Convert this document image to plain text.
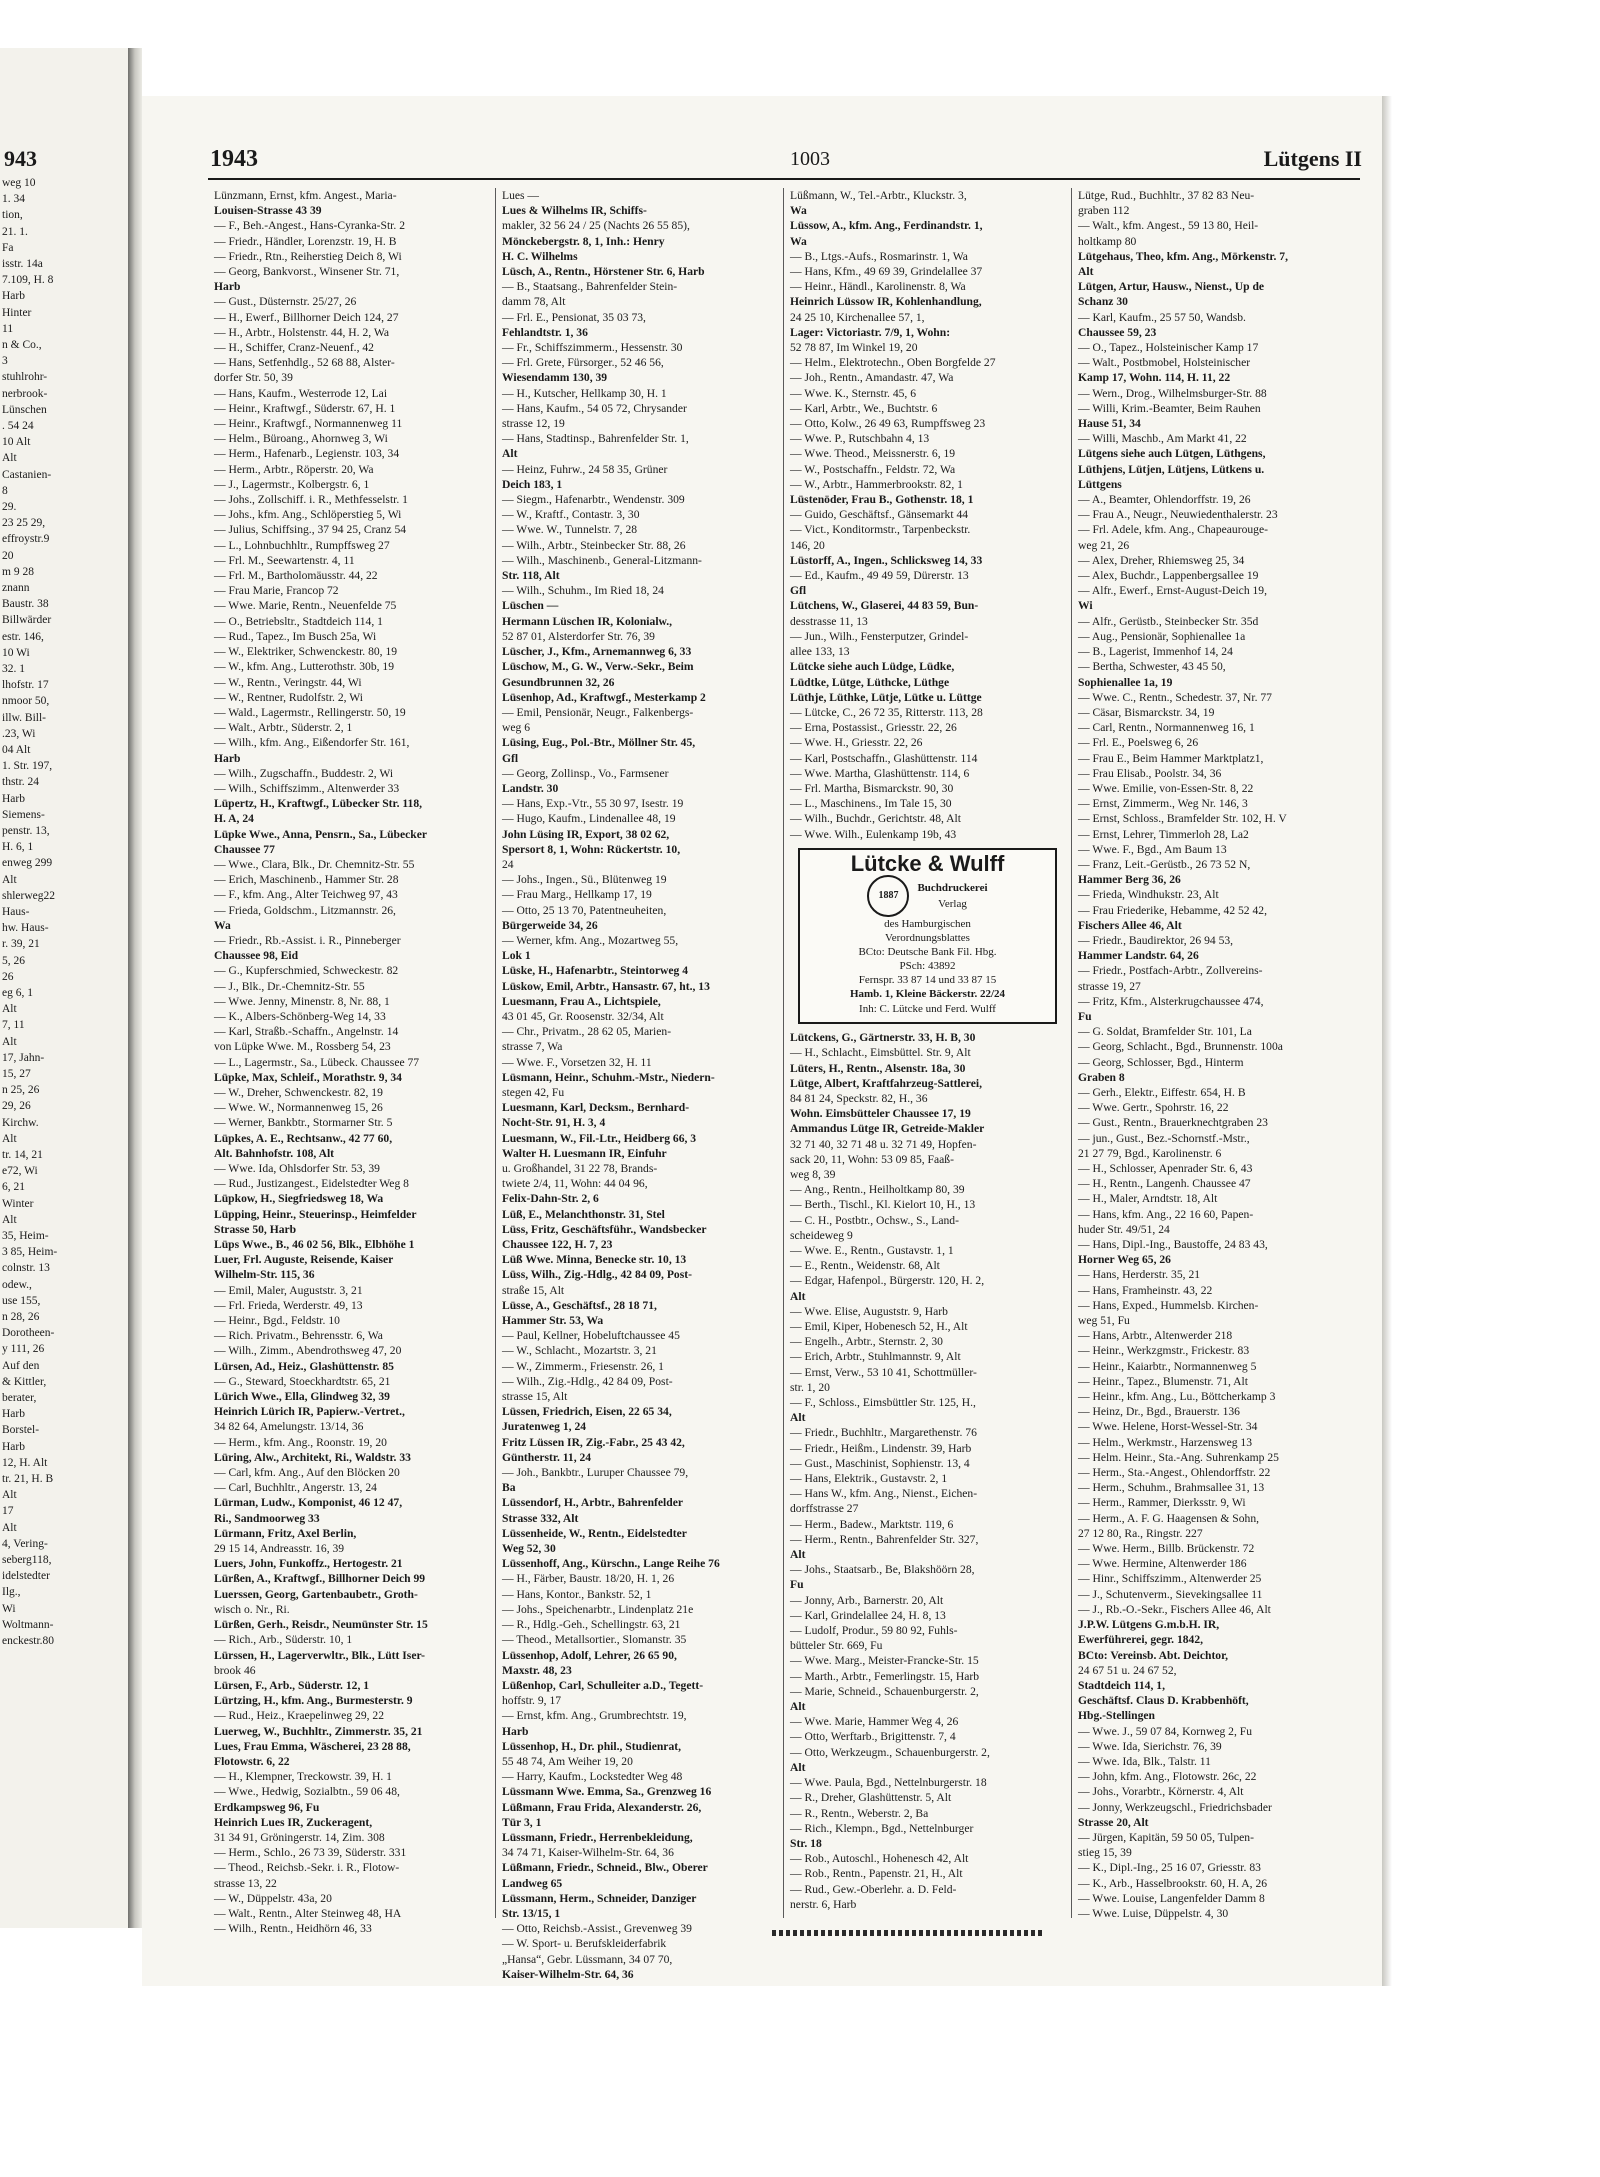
943
weg 10
1. 34
tion,
21. 1.
Fa
isstr. 14a
7.109, H. 8
Harb
Hinter
11
n & Co.,
3
stuhlrohr-
nerbrook-
Lünschen
. 54 24
10 Alt
Alt
Castanien-
8
29.
23 25 29,
effroystr.9
20
m 9 28
znann
Baustr. 38
Billwärder
estr. 146,
10 Wi
32. 1
lhofstr. 17
nmoor 50,
illw. Bill-
.23, Wi
04 Alt
1. Str. 197,
thstr. 24
Harb
Siemens-
penstr. 13,
H. 6, 1
enweg 299
Alt
shlerweg22
Haus-
hw. Haus-
r. 39, 21
5, 26
26
eg 6, 1
Alt
7, 11
Alt
17, Jahn-
15, 27
n 25, 26
29, 26
Kirchw.
Alt
tr. 14, 21
e72, Wi
6, 21
Winter
Alt
35, Heim-
3 85, Heim-
colnstr. 13
odew.,
use 155,
n 28, 26
Dorotheen-
y 111, 26
Auf den
& Kittler,
berater,
Harb
Borstel-
Harb
12, H. Alt
tr. 21, H. B
Alt
17
Alt
4, Vering-
seberg118,
idelstedter
Ilg.,
Wi
Woltmann-
enckestr.80
1943	1003	Lütgens II
Lünzmann, Ernst, kfm. Angest., Maria-
Louisen-Strasse 43 39
— F., Beh.-Angest., Hans-Cyranka-Str. 2
— Friedr., Händler, Lorenzstr. 19, H. B
— Friedr., Rtn., Reiherstieg Deich 8, Wi
— Georg, Bankvorst., Winsener Str. 71,
Harb
— Gust., Düsternstr. 25/27, 26
— H., Ewerf., Billhorner Deich 124, 27
— H., Arbtr., Holstenstr. 44, H. 2, Wa
— H., Schiffer, Cranz-Neuenf., 42
— Hans, Setfenhdlg., 52 68 88, Alster-
dorfer Str. 50, 39
— Hans, Kaufm., Westerrode 12, Lai
— Heinr., Kraftwgf., Süderstr. 67, H. 1
— Heinr., Kraftwgf., Normannenweg 11
— Helm., Büroang., Ahornweg 3, Wi
— Herm., Hafenarb., Legienstr. 103, 34
— Herm., Arbtr., Röperstr. 20, Wa
— J., Lagermstr., Kolbergstr. 6, 1
— Johs., Zollschiff. i. R., Methfesselstr. 1
— Johs., kfm. Ang., Schlöperstieg 5, Wi
— Julius, Schiffsing., 37 94 25, Cranz 54
— L., Lohnbuchhltr., Rumpffsweg 27
— Frl. M., Seewartenstr. 4, 11
— Frl. M., Bartholomäusstr. 44, 22
— Frau Marie, Francop 72
— Wwe. Marie, Rentn., Neuenfelde 75
— O., Betriebsltr., Stadtdeich 114, 1
— Rud., Tapez., Im Busch 25a, Wi
— W., Elektriker, Schwenckestr. 80, 19
— W., kfm. Ang., Lutterothstr. 30b, 19
— W., Rentn., Veringstr. 44, Wi
— W., Rentner, Rudolfstr. 2, Wi
— Wald., Lagermstr., Rellingerstr. 50, 19
— Walt., Arbtr., Süderstr. 2, 1
— Wilh., kfm. Ang., Eißendorfer Str. 161,
Harb
— Wilh., Zugschaffn., Buddestr. 2, Wi
— Wilh., Schiffszimm., Altenwerder 33
Lüpertz, H., Kraftwgf., Lübecker Str. 118,
H. A, 24
Lüpke Wwe., Anna, Pensrn., Sa., Lübecker
Chaussee 77
— Wwe., Clara, Blk., Dr. Chemnitz-Str. 55
— Erich, Maschinenb., Hammer Str. 28
— F., kfm. Ang., Alter Teichweg 97, 43
— Frieda, Goldschm., Litzmannstr. 26,
Wa
— Friedr., Rb.-Assist. i. R., Pinneberger
Chaussee 98, Eid
— G., Kupferschmied, Schweckestr. 82
— J., Blk., Dr.-Chemnitz-Str. 55
— Wwe. Jenny, Minenstr. 8, Nr. 88, 1
— K., Albers-Schönberg-Weg 14, 33
— Karl, Straßb.-Schaffn., Angelnstr. 14
von Lüpke Wwe. M., Rossberg 54, 23
— L., Lagermstr., Sa., Lübeck. Chaussee 77
Lüpke, Max, Schleif., Morathstr. 9, 34
— W., Dreher, Schwenckestr. 82, 19
— Wwe. W., Normannenweg 15, 26
— Werner, Bankbtr., Stormarner Str. 5
Lüpkes, A. E., Rechtsanw., 42 77 60,
Alt. Bahnhofstr. 108, Alt
— Wwe. Ida, Ohlsdorfer Str. 53, 39
— Rud., Justizangest., Eidelstedter Weg 8
Lüpkow, H., Siegfriedsweg 18, Wa
Lüpping, Heinr., Steuerinsp., Heimfelder
Strasse 50, Harb
Lüps Wwe., B., 46 02 56, Blk., Elbhöhe 1
Luer, Frl. Auguste, Reisende, Kaiser
Wilhelm-Str. 115, 36
— Emil, Maler, Auguststr. 3, 21
— Frl. Frieda, Werderstr. 49, 13
— Heinr., Bgd., Feldstr. 10
— Rich. Privatm., Behrensstr. 6, Wa
— Wilh., Zimm., Abendrothsweg 47, 20
Lürsen, Ad., Heiz., Glashüttenstr. 85
— G., Steward, Stoeckhardtstr. 65, 21
Lürich Wwe., Ella, Glindweg 32, 39
Heinrich Lürich IR, Papierw.-Vertret.,
34 82 64, Amelungstr. 13/14, 36
— Herm., kfm. Ang., Roonstr. 19, 20
Lüring, Alw., Architekt, Ri., Waldstr. 33
— Carl, kfm. Ang., Auf den Blöcken 20
— Carl, Buchhltr., Angerstr. 13, 24
Lürman, Ludw., Komponist, 46 12 47,
Ri., Sandmoorweg 33
Lürmann, Fritz, Axel Berlin,
29 15 14, Andreasstr. 16, 39
Luers, John, Funkoffz., Hertogestr. 21
Lürßen, A., Kraftwgf., Billhorner Deich 99
Luerssen, Georg, Gartenbaubetr., Groth-
wisch o. Nr., Ri.
Lürßen, Gerh., Reisdr., Neumünster Str. 15
— Rich., Arb., Süderstr. 10, 1
Lürssen, H., Lagerverwltr., Blk., Lütt Iser-
brook 46
Lürsen, F., Arb., Süderstr. 12, 1
Lürtzing, H., kfm. Ang., Burmesterstr. 9
— Rud., Heiz., Kraepelinweg 29, 22
Luerweg, W., Buchhltr., Zimmerstr. 35, 21
Lues, Frau Emma, Wäscherei, 23 28 88,
Flotowstr. 6, 22
— H., Klempner, Treckowstr. 39, H. 1
— Wwe., Hedwig, Sozialbtn., 59 06 48,
Erdkampsweg 96, Fu
Heinrich Lues IR, Zuckeragent,
31 34 91, Gröningerstr. 14, Zim. 308
— Herm., Schlo., 26 73 39, Süderstr. 331
— Theod., Reichsb.-Sekr. i. R., Flotow-
strasse 13, 22
— W., Düppelstr. 43a, 20
— Walt., Rentn., Alter Steinweg 48, HA
— Wilh., Rentn., Heidhörn 46, 33
Lues —
Lues & Wilhelms IR, Schiffs-
makler, 32 56 24 / 25 (Nachts 26 55 85),
Mönckebergstr. 8, 1, Inh.: Henry
H. C. Wilhelms
Lüsch, A., Rentn., Hörstener Str. 6, Harb
— B., Staatsang., Bahrenfelder Stein-
damm 78, Alt
— Frl. E., Pensionat, 35 03 73,
Fehlandtstr. 1, 36
— Fr., Schiffszimmerm., Hessenstr. 30
— Frl. Grete, Fürsorger., 52 46 56,
Wiesendamm 130, 39
— H., Kutscher, Hellkamp 30, H. 1
— Hans, Kaufm., 54 05 72, Chrysander
strasse 12, 19
— Hans, Stadtinsp., Bahrenfelder Str. 1,
Alt
— Heinz, Fuhrw., 24 58 35, Grüner
Deich 183, 1
— Siegm., Hafenarbtr., Wendenstr. 309
— W., Kraftf., Contastr. 3, 30
— Wwe. W., Tunnelstr. 7, 28
— Wilh., Arbtr., Steinbecker Str. 88, 26
— Wilh., Maschinenb., General-Litzmann-
Str. 118, Alt
— Wilh., Schuhm., Im Ried 18, 24
Lüschen —
Hermann Lüschen IR, Kolonialw.,
52 87 01, Alsterdorfer Str. 76, 39
Lüscher, J., Kfm., Arnemannweg 6, 33
Lüschow, M., G. W., Verw.-Sekr., Beim
Gesundbrunnen 32, 26
Lüsenhop, Ad., Kraftwgf., Mesterkamp 2
— Emil, Pensionär, Neugr., Falkenbergs-
weg 6
Lüsing, Eug., Pol.-Btr., Möllner Str. 45,
Gfl
— Georg, Zollinsp., Vo., Farmsener
Landstr. 30
— Hans, Exp.-Vtr., 55 30 97, Isestr. 19
— Hugo, Kaufm., Lindenallee 48, 19
John Lüsing IR, Export, 38 02 62,
Spersort 8, 1, Wohn: Rückertstr. 10,
24
— Johs., Ingen., Sü., Blütenweg 19
— Frau Marg., Hellkamp 17, 19
— Otto, 25 13 70, Patentneuheiten,
Bürgerweide 34, 26
— Werner, kfm. Ang., Mozartweg 55,
Lok 1
Lüske, H., Hafenarbtr., Steintorweg 4
Lüskow, Emil, Arbtr., Hansastr. 67, ht., 13
Luesmann, Frau A., Lichtspiele,
43 01 45, Gr. Roosenstr. 32/34, Alt
— Chr., Privatm., 28 62 05, Marien-
strasse 7, Wa
— Wwe. F., Vorsetzen 32, H. 11
Lüsmann, Heinr., Schuhm.-Mstr., Niedern-
stegen 42, Fu
Luesmann, Karl, Decksm., Bernhard-
Nocht-Str. 91, H. 3, 4
Luesmann, W., Fil.-Ltr., Heidberg 66, 3
Walter H. Luesmann IR, Einfuhr
u. Großhandel, 31 22 78, Brands-
twiete 2/4, 11, Wohn: 44 04 96,
Felix-Dahn-Str. 2, 6
Lüß, E., Melanchthonstr. 31, Stel
Lüss, Fritz, Geschäftsführ., Wandsbecker
Chaussee 122, H. 7, 23
Lüß Wwe. Minna, Benecke str. 10, 13
Lüss, Wilh., Zig.-Hdlg., 42 84 09, Post-
straße 15, Alt
Lüsse, A., Geschäftsf., 28 18 71,
Hammer Str. 53, Wa
— Paul, Kellner, Hobeluftchaussee 45
— W., Schlacht., Mozartstr. 3, 21
— W., Zimmerm., Friesenstr. 26, 1
— Wilh., Zig.-Hdlg., 42 84 09, Post-
strasse 15, Alt
Lüssen, Friedrich, Eisen, 22 65 34,
Juratenweg 1, 24
Fritz Lüssen IR, Zig.-Fabr., 25 43 42,
Güntherstr. 11, 24
— Joh., Bankbtr., Luruper Chaussee 79,
Ba
Lüssendorf, H., Arbtr., Bahrenfelder
Strasse 332, Alt
Lüssenheide, W., Rentn., Eidelstedter
Weg 52, 30
Lüssenhoff, Ang., Kürschn., Lange Reihe 76
— H., Färber, Baustr. 18/20, H. 1, 26
— Hans, Kontor., Bankstr. 52, 1
— Johs., Speichenarbtr., Lindenplatz 21e
— R., Hdlg.-Geh., Schellingstr. 63, 21
— Theod., Metallsortier., Slomanstr. 35
Lüssenhop, Adolf, Lehrer, 26 65 90,
Maxstr. 48, 23
Lüßenhop, Carl, Schulleiter a.D., Tegett-
hoffstr. 9, 17
— Ernst, kfm. Ang., Grumbrechtstr. 19,
Harb
Lüssenhop, H., Dr. phil., Studienrat,
55 48 74, Am Weiher 19, 20
— Harry, Kaufm., Lockstedter Weg 48
Lüssmann Wwe. Emma, Sa., Grenzweg 16
Lüßmann, Frau Frida, Alexanderstr. 26,
Tür 3, 1
Lüssmann, Friedr., Herrenbekleidung,
34 74 71, Kaiser-Wilhelm-Str. 64, 36
Lüßmann, Friedr., Schneid., Blw., Oberer
Landweg 65
Lüssmann, Herm., Schneider, Danziger
Str. 13/15, 1
— Otto, Reichsb.-Assist., Grevenweg 39
— W. Sport- u. Berufskleiderfabrik
„Hansa“, Gebr. Lüssmann, 34 07 70,
Kaiser-Wilhelm-Str. 64, 36
Lüßmann, W., Tel.-Arbtr., Kluckstr. 3,
Wa
Lüssow, A., kfm. Ang., Ferdinandstr. 1,
Wa
— B., Ltgs.-Aufs., Rosmarinstr. 1, Wa
— Hans, Kfm., 49 69 39, Grindelallee 37
— Heinr., Händl., Karolinenstr. 8, Wa
Heinrich Lüssow IR, Kohlenhandlung,
24 25 10, Kirchenallee 57, 1,
Lager: Victoriastr. 7/9, 1, Wohn:
52 78 87, Im Winkel 19, 20
— Helm., Elektrotechn., Oben Borgfelde 27
— Joh., Rentn., Amandastr. 47, Wa
— Wwe. K., Sternstr. 45, 6
— Karl, Arbtr., We., Buchtstr. 6
— Otto, Kolw., 26 49 63, Rumpffsweg 23
— Wwe. P., Rutschbahn 4, 13
— Wwe. Theod., Meissnerstr. 6, 19
— W., Postschaffn., Feldstr. 72, Wa
— W., Arbtr., Hammerbrookstr. 82, 1
Lüstenöder, Frau B., Gothenstr. 18, 1
— Guido, Geschäftsf., Gänsemarkt 44
— Vict., Konditormstr., Tarpenbeckstr.
146, 20
Lüstorff, A., Ingen., Schlicksweg 14, 33
— Ed., Kaufm., 49 49 59, Dürerstr. 13
Gfl
Lütchens, W., Glaserei, 44 83 59, Bun-
desstrasse 11, 13
— Jun., Wilh., Fensterputzer, Grindel-
allee 133, 13
Lütcke siehe auch Lüdge, Lüdke,
Lüdtke, Lütge, Lüthcke, Lüthge
Lüthje, Lüthke, Lütje, Lütke u. Lüttge
— Lütcke, C., 26 72 35, Ritterstr. 113, 28
— Erna, Postassist., Griesstr. 22, 26
— Wwe. H., Griesstr. 22, 26
— Karl, Postschaffn., Glashüttenstr. 114
— Wwe. Martha, Glashüttenstr. 114, 6
— Frl. Martha, Bismarckstr. 90, 30
— L., Maschinens., Im Tale 15, 30
— Wilh., Buchdr., Gerichtstr. 48, Alt
— Wwe. Wilh., Eulenkamp 19b, 43
Lütcke & Wulff
1887
Buchdruckerei
Verlag
des Hamburgischen
Verordnungsblattes
BCto: Deutsche Bank Fil. Hbg.
PSch: 43892
Fernspr. 33 87 14 und 33 87 15
Hamb. 1, Kleine Bäckerstr. 22/24
Inh: C. Lütcke und Ferd. Wulff
Lütckens, G., Gärtnerstr. 33, H. B, 30
— H., Schlacht., Eimsbüttel. Str. 9, Alt
Lüters, H., Rentn., Alsenstr. 18a, 30
Lütge, Albert, Kraftfahrzeug-Sattlerei,
84 81 24, Speckstr. 82, H., 36
Wohn. Eimsbütteler Chaussee 17, 19
Ammandus Lütge IR, Getreide-Makler
32 71 40, 32 71 48 u. 32 71 49, Hopfen-
sack 20, 11, Wohn: 53 09 85, Faaß-
weg 8, 39
— Ang., Rentn., Heilholtkamp 80, 39
— Berth., Tischl., Kl. Kielort 10, H., 13
— C. H., Postbtr., Ochsw., S., Land-
scheideweg 9
— Wwe. E., Rentn., Gustavstr. 1, 1
— E., Rentn., Weidenstr. 68, Alt
— Edgar, Hafenpol., Bürgerstr. 120, H. 2,
Alt
— Wwe. Elise, Auguststr. 9, Harb
— Emil, Kiper, Hobenesch 52, H., Alt
— Engelh., Arbtr., Sternstr. 2, 30
— Erich, Arbtr., Stuhlmannstr. 9, Alt
— Ernst, Verw., 53 10 41, Schottmüller-
str. 1, 20
— F., Schloss., Eimsbüttler Str. 125, H.,
Alt
— Friedr., Buchhltr., Margarethenstr. 76
— Friedr., Heißm., Lindenstr. 39, Harb
— Gust., Maschinist, Sophienstr. 13, 4
— Hans, Elektrik., Gustavstr. 2, 1
— Hans W., kfm. Ang., Nienst., Eichen-
dorffstrasse 27
— Herm., Badew., Marktstr. 119, 6
— Herm., Rentn., Bahrenfelder Str. 327,
Alt
— Johs., Staatsarb., Be, Blakshöörn 28,
Fu
— Jonny, Arb., Barnerstr. 20, Alt
— Karl, Grindelallee 24, H. 8, 13
— Ludolf, Produr., 59 80 92, Fuhls-
bütteler Str. 669, Fu
— Wwe. Marg., Meister-Francke-Str. 15
— Marth., Arbtr., Femerlingstr. 15, Harb
— Marie, Schneid., Schauenburgerstr. 2,
Alt
— Wwe. Marie, Hammer Weg 4, 26
— Otto, Werftarb., Brigittenstr. 7, 4
— Otto, Werkzeugm., Schauenburgerstr. 2,
Alt
— Wwe. Paula, Bgd., Nettelnburgerstr. 18
— R., Dreher, Glashüttenstr. 5, Alt
— R., Rentn., Weberstr. 2, Ba
— Rich., Klempn., Bgd., Nettelnburger
Str. 18
— Rob., Autoschl., Hohenesch 42, Alt
— Rob., Rentn., Papenstr. 21, H., Alt
— Rud., Gew.-Oberlehr. a. D. Feld-
nerstr. 6, Harb
Lütge, Rud., Buchhltr., 37 82 83 Neu-
graben 112
— Walt., kfm. Angest., 59 13 80, Heil-
holtkamp 80
Lütgehaus, Theo, kfm. Ang., Mörkenstr. 7,
Alt
Lütgen, Artur, Hausw., Nienst., Up de
Schanz 30
— Karl, Kaufm., 25 57 50, Wandsb.
Chaussee 59, 23
— O., Tapez., Holsteinischer Kamp 17
— Walt., Postbmobel, Holsteinischer
Kamp 17, Wohn. 114, H. 11, 22
— Wern., Drog., Wilhelmsburger-Str. 88
— Willi, Krim.-Beamter, Beim Rauhen
Hause 51, 34
— Willi, Maschb., Am Markt 41, 22
Lütgens siehe auch Lütgen, Lüthgens,
Lüthjens, Lütjen, Lütjens, Lütkens u.
Lüttgens
— A., Beamter, Ohlendorffstr. 19, 26
— Frau A., Neugr., Neuwiedenthalerstr. 23
— Frl. Adele, kfm. Ang., Chapeaurouge-
weg 21, 26
— Alex, Dreher, Rhiemsweg 25, 34
— Alex, Buchdr., Lappenbergsallee 19
— Alfr., Ewerf., Ernst-August-Deich 19,
Wi
— Alfr., Gerüstb., Steinbecker Str. 35d
— Aug., Pensionär, Sophienallee 1a
— B., Lagerist, Immenhof 14, 24
— Bertha, Schwester, 43 45 50,
Sophienallee 1a, 19
— Wwe. C., Rentn., Schedestr. 37, Nr. 77
— Cäsar, Bismarckstr. 34, 19
— Carl, Rentn., Normannenweg 16, 1
— Frl. E., Poelsweg 6, 26
— Frau E., Beim Hammer Marktplatz1,
— Frau Elisab., Poolstr. 34, 36
— Wwe. Emilie, von-Essen-Str. 8, 22
— Ernst, Zimmerm., Weg Nr. 146, 3
— Ernst, Schloss., Bramfelder Str. 102, H. V
— Ernst, Lehrer, Timmerloh 28, La2
— Wwe. F., Bgd., Am Baum 13
— Franz, Leit.-Gerüstb., 26 73 52 N,
Hammer Berg 36, 26
— Frieda, Windhukstr. 23, Alt
— Frau Friederike, Hebamme, 42 52 42,
Fischers Allee 46, Alt
— Friedr., Baudirektor, 26 94 53,
Hammer Landstr. 64, 26
— Friedr., Postfach-Arbtr., Zollvereins-
strasse 19, 27
— Fritz, Kfm., Alsterkrugchaussee 474,
Fu
— G. Soldat, Bramfelder Str. 101, La
— Georg, Schlacht., Bgd., Brunnenstr. 100a
— Georg, Schlosser, Bgd., Hinterm
Graben 8
— Gerh., Elektr., Eiffestr. 654, H. B
— Wwe. Gertr., Spohrstr. 16, 22
— Gust., Rentn., Brauerknechtgraben 23
— jun., Gust., Bez.-Schornstf.-Mstr.,
21 27 79, Bgd., Karolinenstr. 6
— H., Schlosser, Apenrader Str. 6, 43
— H., Rentn., Langenh. Chaussee 47
— H., Maler, Arndtstr. 18, Alt
— Hans, kfm. Ang., 22 16 60, Papen-
huder Str. 49/51, 24
— Hans, Dipl.-Ing., Baustoffe, 24 83 43,
Horner Weg 65, 26
— Hans, Herderstr. 35, 21
— Hans, Framheinstr. 43, 22
— Hans, Exped., Hummelsb. Kirchen-
weg 51, Fu
— Hans, Arbtr., Altenwerder 218
— Heinr., Werkzgmstr., Frickestr. 83
— Heinr., Kaiarbtr., Normannenweg 5
— Heinr., Tapez., Blumenstr. 71, Alt
— Heinr., kfm. Ang., Lu., Böttcherkamp 3
— Heinz, Dr., Bgd., Brauerstr. 136
— Wwe. Helene, Horst-Wessel-Str. 34
— Helm., Werkmstr., Harzensweg 13
— Helm. Heinr., Sta.-Ang. Suhrenkamp 25
— Herm., Sta.-Angest., Ohlendorffstr. 22
— Herm., Schuhm., Brahmsallee 31, 13
— Herm., Rammer, Dierksstr. 9, Wi
— Herm., A. F. G. Haagensen & Sohn,
27 12 80, Ra., Ringstr. 227
— Wwe. Herm., Billb. Brückenstr. 72
— Wwe. Hermine, Altenwerder 186
— Hinr., Schiffszimm., Altenwerder 25
— J., Schutenverm., Sievekingsallee 11
— J., Rb.-O.-Sekr., Fischers Allee 46, Alt
J.P.W. Lütgens G.m.b.H. IR,
Ewerführerei, gegr. 1842,
BCto: Vereinsb. Abt. Deichtor,
24 67 51 u. 24 67 52,
Stadtdeich 114, 1,
Geschäftsf. Claus D. Krabbenhöft,
Hbg.-Stellingen
— Wwe. J., 59 07 84, Kornweg 2, Fu
— Wwe. Ida, Sierichstr. 76, 39
— Wwe. Ida, Blk., Talstr. 11
— John, kfm. Ang., Flotowstr. 26c, 22
— Johs., Vorarbtr., Körnerstr. 4, Alt
— Jonny, Werkzeugschl., Friedrichsbader
Strasse 20, Alt
— Jürgen, Kapitän, 59 50 05, Tulpen-
stieg 15, 39
— K., Dipl.-Ing., 25 16 07, Griesstr. 83
— K., Arb., Hasselbrookstr. 60, H. A, 26
— Wwe. Louise, Langenfelder Damm 8
— Wwe. Luise, Düppelstr. 4, 30
